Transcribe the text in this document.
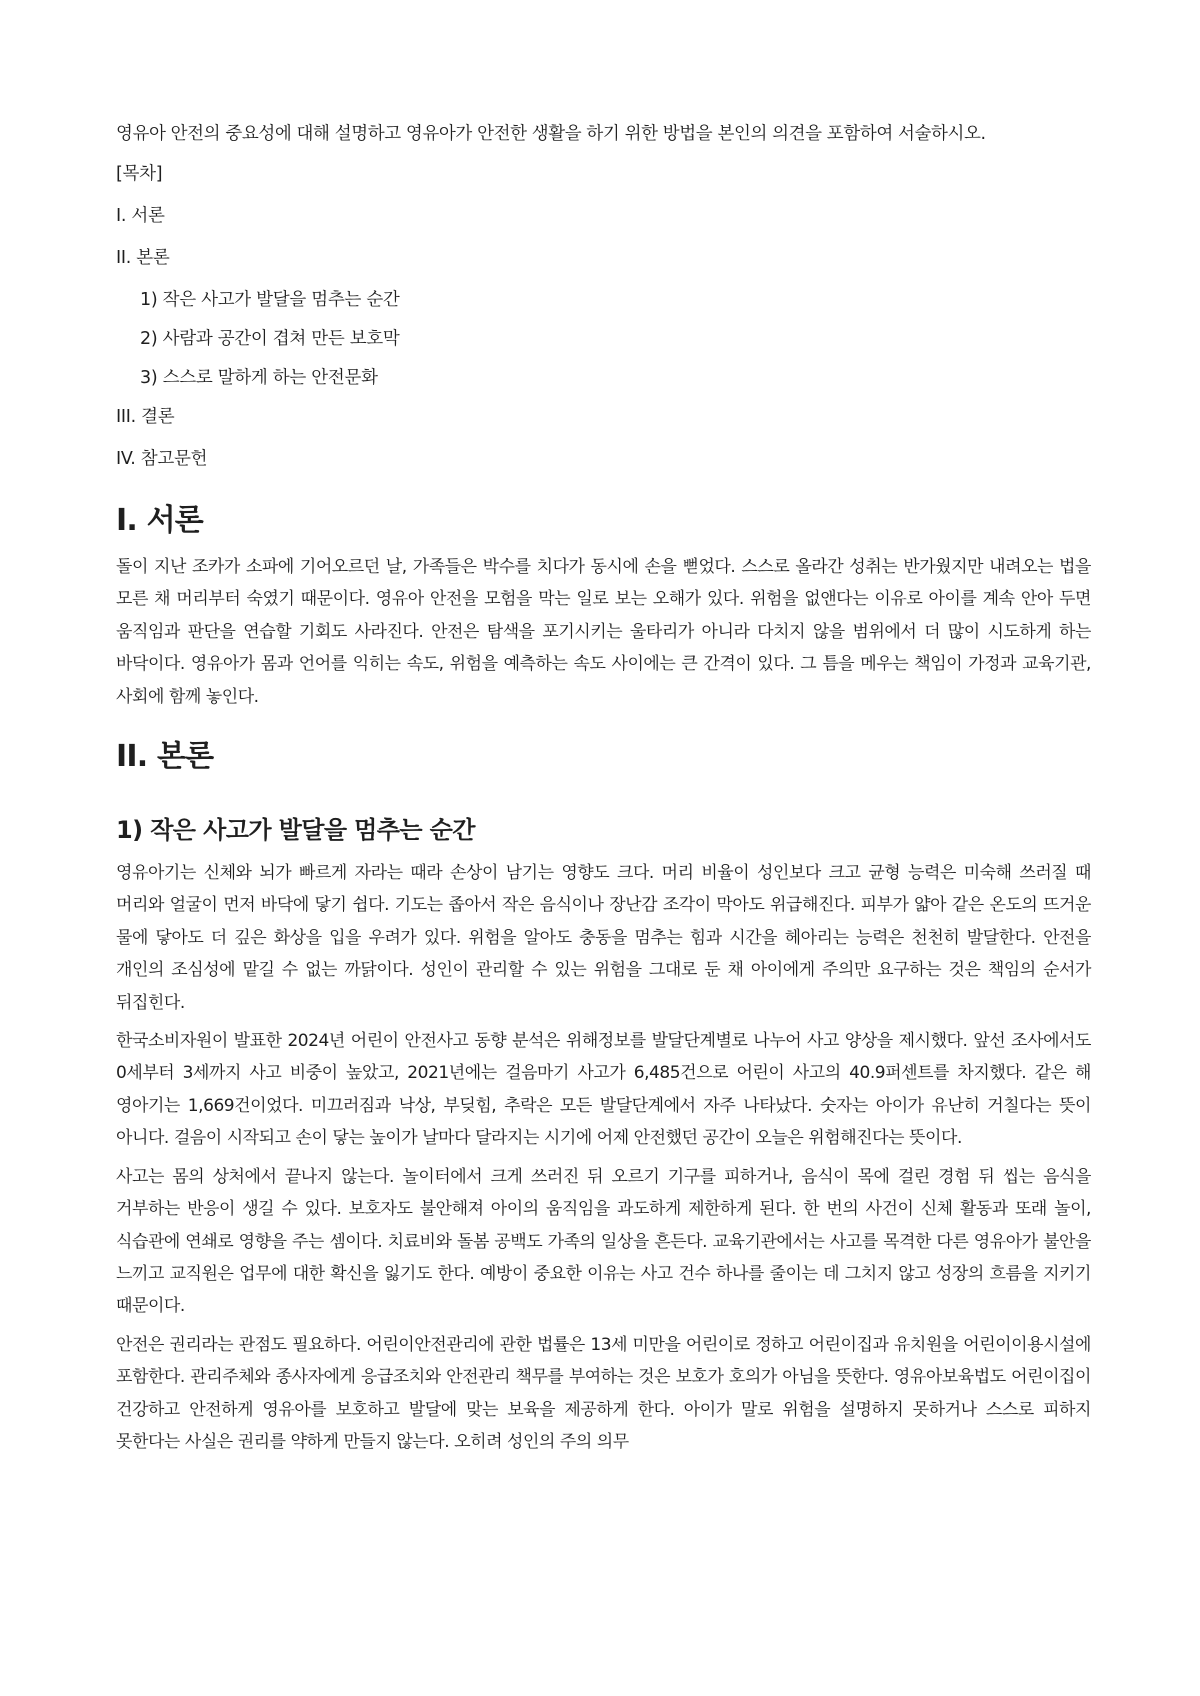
영유아 안전의 중요성에 대해 설명하고 영유아가 안전한 생활을 하기 위한 방법을 본인의 의견을 포함하여 서술하시오.

[목차]
I. 서론
II. 본론
1) 작은 사고가 발달을 멈추는 순간
2) 사람과 공간이 겹쳐 만든 보호막
3) 스스로 말하게 하는 안전문화
III. 결론
IV. 참고문헌
I. 서론

돌이 지난 조카가 소파에 기어오르던 날, 가족들은 박수를 치다가 동시에 손을 뻗었다. 스스로 올라간 성취는 반가웠지만 내려오는 법을 모른 채 머리부터 숙였기 때문이다. 영유아 안전을 모험을 막는 일로 보는 오해가 있다. 위험을 없앤다는 이유로 아이를 계속 안아 두면 움직임과 판단을 연습할 기회도 사라진다. 안전은 탐색을 포기시키는 울타리가 아니라 다치지 않을 범위에서 더 많이 시도하게 하는 바닥이다. 영유아가 몸과 언어를 익히는 속도, 위험을 예측하는 속도 사이에는 큰 간격이 있다. 그 틈을 메우는 책임이 가정과 교육기관, 사회에 함께 놓인다.

II. 본론
1) 작은 사고가 발달을 멈추는 순간

영유아기는 신체와 뇌가 빠르게 자라는 때라 손상이 남기는 영향도 크다. 머리 비율이 성인보다 크고 균형 능력은 미숙해 쓰러질 때 머리와 얼굴이 먼저 바닥에 닿기 쉽다. 기도는 좁아서 작은 음식이나 장난감 조각이 막아도 위급해진다. 피부가 얇아 같은 온도의 뜨거운 물에 닿아도 더 깊은 화상을 입을 우려가 있다. 위험을 알아도 충동을 멈추는 힘과 시간을 헤아리는 능력은 천천히 발달한다. 안전을 개인의 조심성에 맡길 수 없는 까닭이다. 성인이 관리할 수 있는 위험을 그대로 둔 채 아이에게 주의만 요구하는 것은 책임의 순서가 뒤집힌다.

한국소비자원이 발표한 2024년 어린이 안전사고 동향 분석은 위해정보를 발달단계별로 나누어 사고 양상을 제시했다. 앞선 조사에서도 0세부터 3세까지 사고 비중이 높았고, 2021년에는 걸음마기 사고가 6,485건으로 어린이 사고의 40.9퍼센트를 차지했다. 같은 해 영아기는 1,669건이었다. 미끄러짐과 낙상, 부딪힘, 추락은 모든 발달단계에서 자주 나타났다. 숫자는 아이가 유난히 거칠다는 뜻이 아니다. 걸음이 시작되고 손이 닿는 높이가 날마다 달라지는 시기에 어제 안전했던 공간이 오늘은 위험해진다는 뜻이다.

사고는 몸의 상처에서 끝나지 않는다. 놀이터에서 크게 쓰러진 뒤 오르기 기구를 피하거나, 음식이 목에 걸린 경험 뒤 씹는 음식을 거부하는 반응이 생길 수 있다. 보호자도 불안해져 아이의 움직임을 과도하게 제한하게 된다. 한 번의 사건이 신체 활동과 또래 놀이, 식습관에 연쇄로 영향을 주는 셈이다. 치료비와 돌봄 공백도 가족의 일상을 흔든다. 교육기관에서는 사고를 목격한 다른 영유아가 불안을 느끼고 교직원은 업무에 대한 확신을 잃기도 한다. 예방이 중요한 이유는 사고 건수 하나를 줄이는 데 그치지 않고 성장의 흐름을 지키기 때문이다.

안전은 권리라는 관점도 필요하다. 어린이안전관리에 관한 법률은 13세 미만을 어린이로 정하고 어린이집과 유치원을 어린이이용시설에 포함한다. 관리주체와 종사자에게 응급조치와 안전관리 책무를 부여하는 것은 보호가 호의가 아님을 뜻한다. 영유아보육법도 어린이집이 건강하고 안전하게 영유아를 보호하고 발달에 맞는 보육을 제공하게 한다. 아이가 말로 위험을 설명하지 못하거나 스스로 피하지 못한다는 사실은 권리를 약하게 만들지 않는다. 오히려 성인의 주의 의무
